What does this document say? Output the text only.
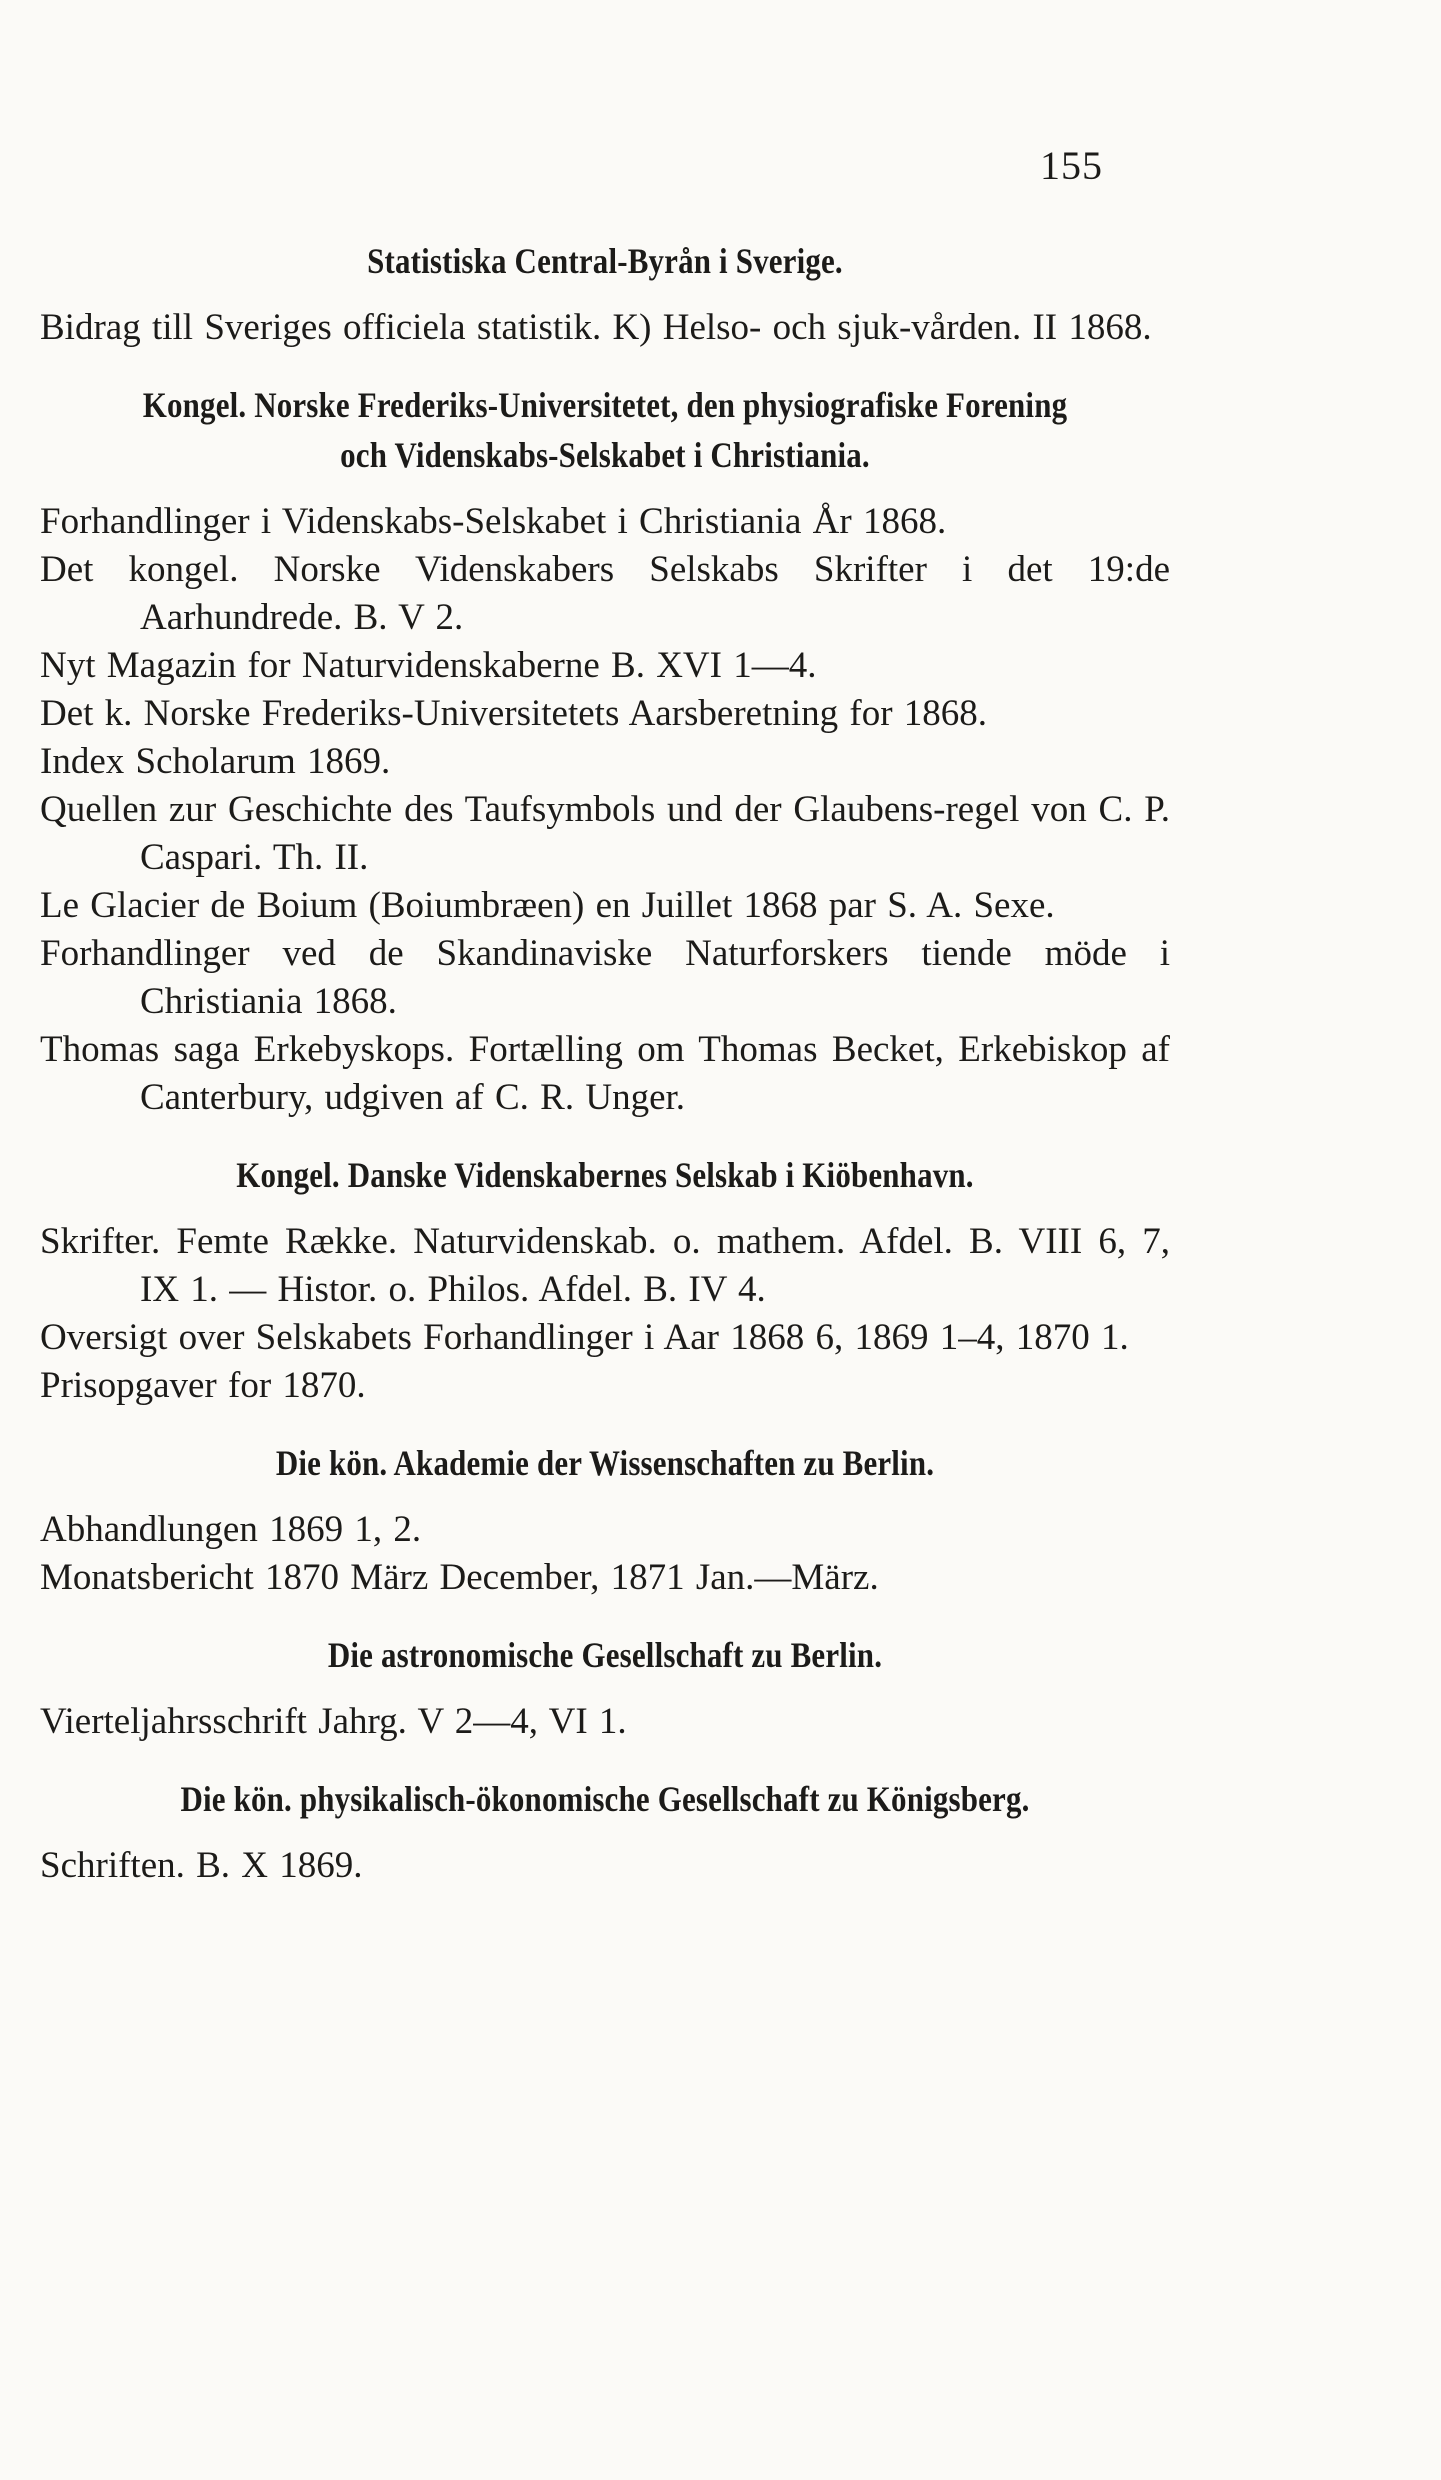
155

Statistiska Central-Byrån i Sverige.

Bidrag till Sveriges officiela statistik. K) Helso- och sjuk-vården. II 1868.

Kongel. Norske Frederiks-Universitetet, den physiografiske Forening

och Videnskabs-Selskabet i Christiania.

Forhandlinger i Videnskabs-Selskabet i Christiania År 1868.

Det kongel. Norske Videnskabers Selskabs Skrifter i det 19:de Aarhundrede. B. V 2.

Nyt Magazin for Naturvidenskaberne B. XVI 1—4.

Det k. Norske Frederiks-Universitetets Aarsberetning for 1868.

Index Scholarum 1869.

Quellen zur Geschichte des Taufsymbols und der Glaubens-regel von C. P. Caspari. Th. II.

Le Glacier de Boium (Boiumbræen) en Juillet 1868 par S. A. Sexe.

Forhandlinger ved de Skandinaviske Naturforskers tiende möde i Christiania 1868.

Thomas saga Erkebyskops. Fortælling om Thomas Becket, Erkebiskop af Canterbury, udgiven af C. R. Unger.

Kongel. Danske Videnskabernes Selskab i Kiöbenhavn.

Skrifter. Femte Række. Naturvidenskab. o. mathem. Afdel. B. VIII 6, 7, IX 1. — Histor. o. Philos. Afdel. B. IV 4.

Oversigt over Selskabets Forhandlinger i Aar 1868 6, 1869 1–4, 1870 1.

Prisopgaver for 1870.

Die kön. Akademie der Wissenschaften zu Berlin.

Abhandlungen 1869 1, 2.

Monatsbericht 1870 März December, 1871 Jan.—März.

Die astronomische Gesellschaft zu Berlin.

Vierteljahrsschrift Jahrg. V 2—4, VI 1.

Die kön. physikalisch-ökonomische Gesellschaft zu Königsberg.

Schriften. B. X 1869.
